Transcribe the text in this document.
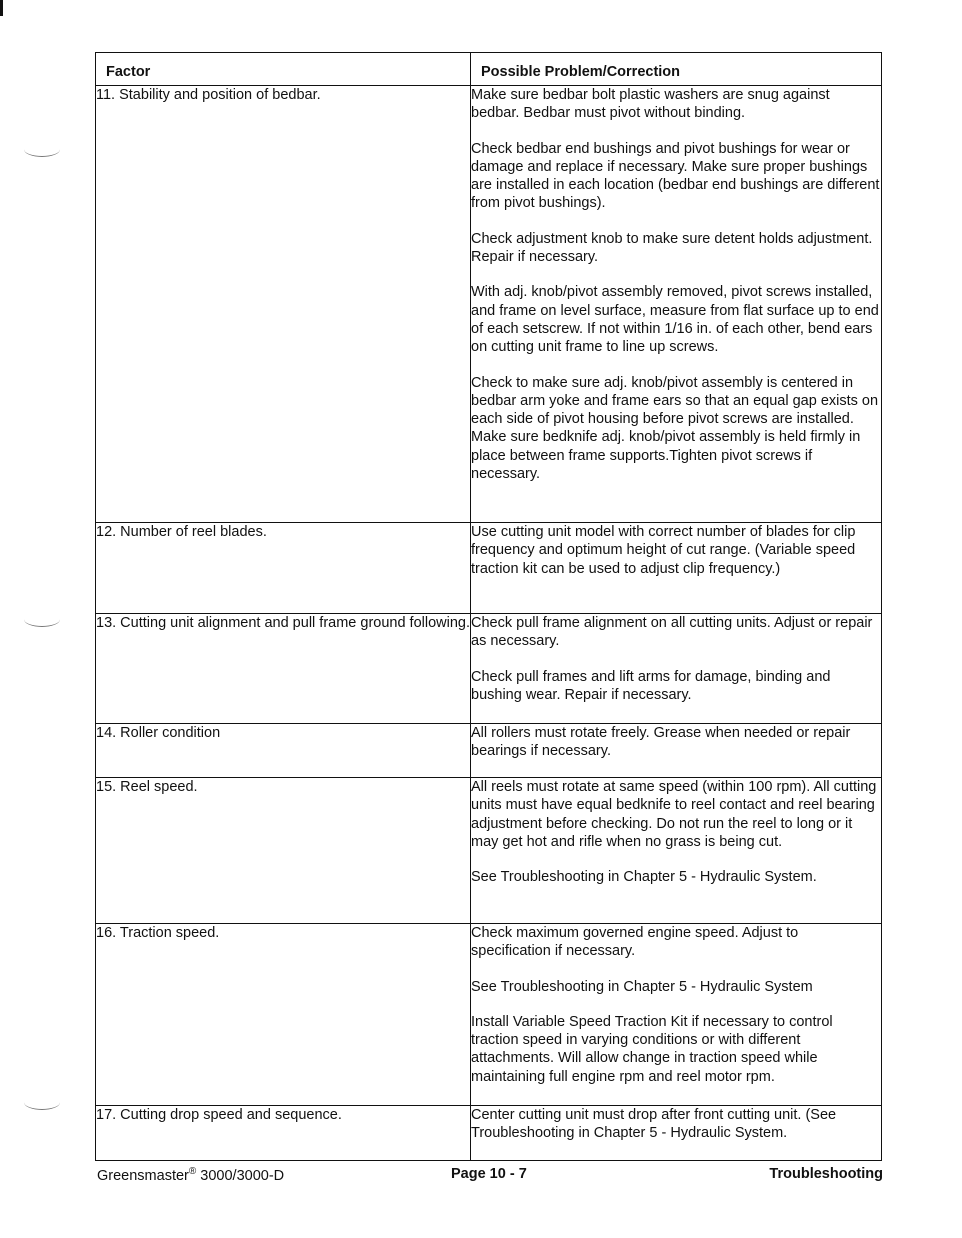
Factor	Possible Problem/Correction

11. Stability and position of bedbar.	Make sure bedbar bolt plastic washers are snug against bedbar. Bedbar must pivot without binding.

Check bedbar end bushings and pivot bushings for wear or damage and replace if necessary. Make sure proper bushings are installed in each location (bedbar end bushings are different from pivot bushings).

Check adjustment knob to make sure detent holds adjustment. Repair if necessary.

With adj. knob/pivot assembly removed, pivot screws installed, and frame on level surface, measure from flat surface up to end of each setscrew. If not within 1/16 in. of each other, bend ears on cutting unit frame to line up screws.

Check to make sure adj. knob/pivot assembly is centered in bedbar arm yoke and frame ears so that an equal gap exists on each side of pivot housing before pivot screws are installed. Make sure bedknife adj. knob/pivot assembly is held firmly in place between frame supports.Tighten pivot screws if necessary.

12. Number of reel blades.	Use cutting unit model with correct number of blades for clip frequency and optimum height of cut range. (Variable speed traction kit can be used to adjust clip frequency.)

13. Cutting unit alignment and pull frame ground following.	Check pull frame alignment on all cutting units. Adjust or repair as necessary.

Check pull frames and lift arms for damage, binding and bushing wear. Repair if necessary.

14. Roller condition	All rollers must rotate freely. Grease when needed or repair bearings if necessary.

15. Reel speed.	All reels must rotate at same speed (within 100 rpm). All cutting units must have equal bedknife to reel contact and reel bearing adjustment before checking. Do not run the reel to long or it may get hot and rifle when no grass is being cut.

See Troubleshooting in Chapter 5 - Hydraulic System.

16. Traction speed.	Check maximum governed engine speed. Adjust to specification if necessary.

See Troubleshooting in Chapter 5 - Hydraulic System

Install Variable Speed Traction Kit if necessary to control traction speed in varying conditions or with different attachments. Will allow change in traction speed while maintaining full engine rpm and reel motor rpm.

17. Cutting drop speed and sequence.	Center cutting unit must drop after front cutting unit. (See Troubleshooting in Chapter 5 - Hydraulic System.

Greensmaster® 3000/3000-D	Page 10 - 7	Troubleshooting
